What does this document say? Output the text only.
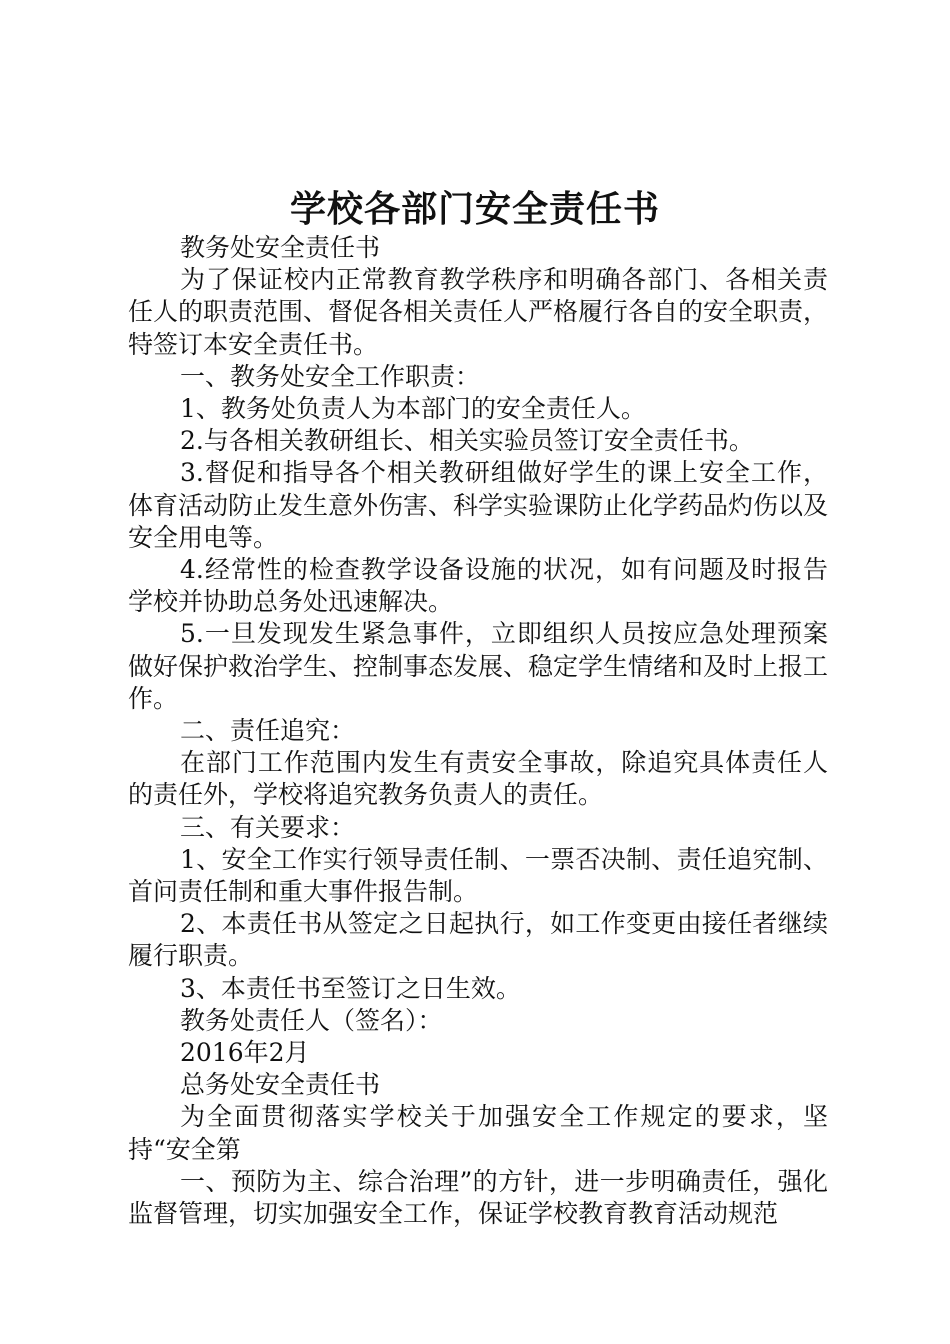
学校各部门安全责任书

教务处安全责任书

为了保证校内正常教育教学秩序和明确各部门、各相关责任人的职责范围、督促各相关责任人严格履行各自的安全职责，特签订本安全责任书。

一、教务处安全工作职责：

1、教务处负责人为本部门的安全责任人。

2.与各相关教研组长、相关实验员签订安全责任书。

3.督促和指导各个相关教研组做好学生的课上安全工作，体育活动防止发生意外伤害、科学实验课防止化学药品灼伤以及安全用电等。

4.经常性的检查教学设备设施的状况，如有问题及时报告学校并协助总务处迅速解决。

5.一旦发现发生紧急事件，立即组织人员按应急处理预案做好保护救治学生、控制事态发展、稳定学生情绪和及时上报工作。

二、责任追究：

在部门工作范围内发生有责安全事故，除追究具体责任人的责任外，学校将追究教务负责人的责任。

三、有关要求：

1、安全工作实行领导责任制、一票否决制、责任追究制、首问责任制和重大事件报告制。

2、本责任书从签定之日起执行，如工作变更由接任者继续履行职责。

3、本责任书至签订之日生效。

教务处责任人（签名）：

2016年2月

总务处安全责任书

为全面贯彻落实学校关于加强安全工作规定的要求，坚持“安全第

一、预防为主、综合治理”的方针，进一步明确责任，强化监督管理，切实加强安全工作，保证学校教育教育活动规范
